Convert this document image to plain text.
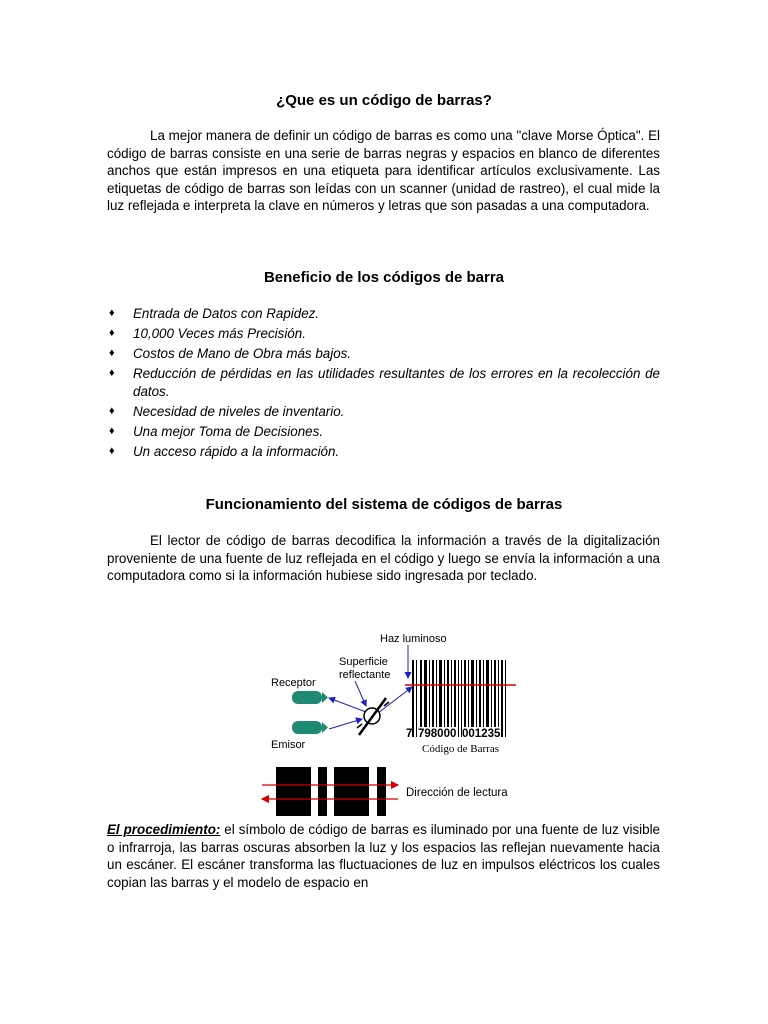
¿Que es un código de barras?

La mejor manera de definir un código de barras es como una "clave Morse Óptica". El código de barras consiste en una serie de barras negras y espacios en blanco de diferentes anchos que están impresos en una etiqueta para identificar artículos exclusivamente. Las etiquetas de código de barras son leídas con un scanner (unidad de rastreo), el cual mide la luz reflejada e interpreta la clave en números y letras que son pasadas a una computadora.

Beneficio de los códigos de barra
♦ Entrada de Datos con Rapidez.
♦ 10,000 Veces más Precisión.
♦ Costos de Mano de Obra más bajos.
♦ Reducción de pérdidas en las utilidades resultantes de los errores en la recolección de datos.
♦ Necesidad de niveles de inventario.
♦ Una mejor Toma de Decisiones.
♦ Un acceso rápido a la información.
Funcionamiento del sistema de códigos de barras

El lector de código de barras decodifica la información a través de la digitalización proveniente de una fuente de luz reflejada en el código y luego se envía la información a una computadora como si la información hubiese sido ingresada por teclado.

Haz luminoso
Superficie
reflectante
Receptor
Emisor
7 798000 001235
Código de Barras
Dirección de lectura

El procedimiento: el símbolo de código de barras es iluminado por una fuente de luz visible o infrarroja, las barras oscuras absorben la luz y los espacios las reflejan nuevamente hacia un escáner. El escáner transforma las fluctuaciones de luz en impulsos eléctricos los cuales copian las barras y el modelo de espacio en
